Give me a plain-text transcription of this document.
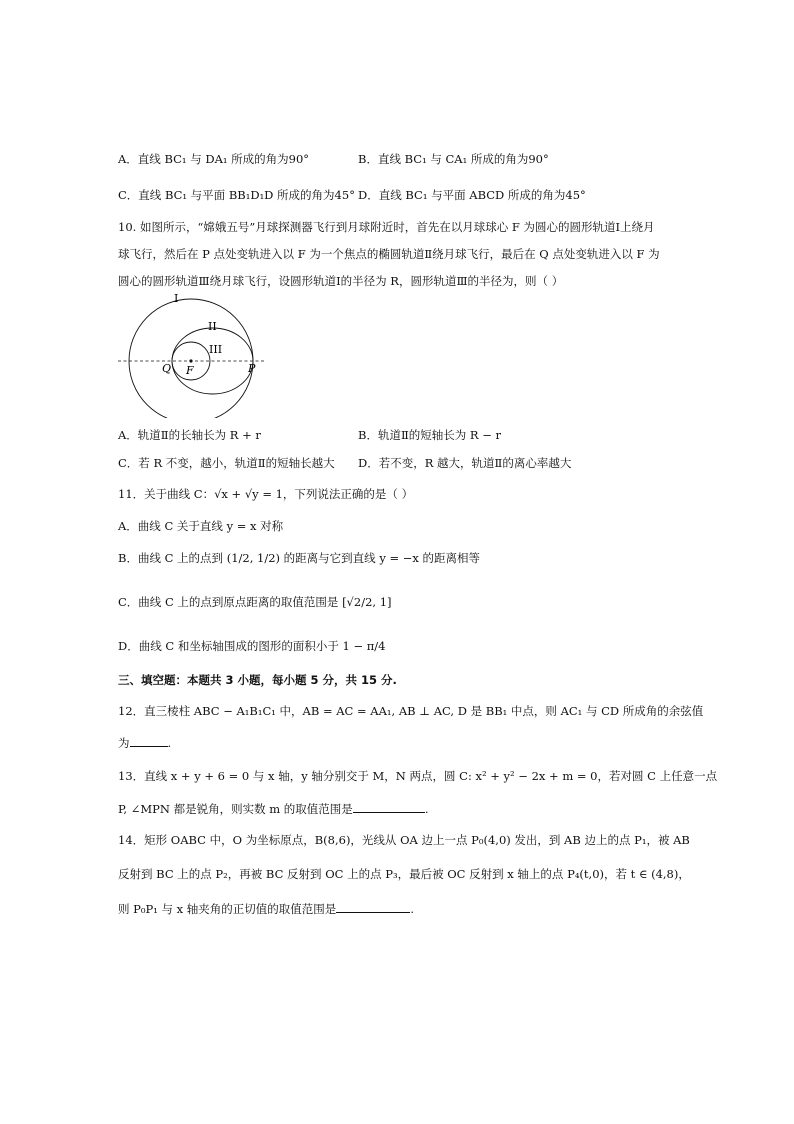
A．直线 BC₁ 与 DA₁ 所成的角为90°	B．直线 BC₁ 与 CA₁ 所成的角为90°
C．直线 BC₁ 与平面 BB₁D₁D 所成的角为45° D．直线 BC₁ 与平面 ABCD 所成的角为45°
10. 如图所示，“嫦娥五号”月球探测器飞行到月球附近时，首先在以月球球心 F 为圆心的圆形轨道Ⅰ上绕月
球飞行，然后在 P 点处变轨进入以 F 为一个焦点的椭圆轨道Ⅱ绕月球飞行，最后在 Q 点处变轨进入以 F 为
圆心的圆形轨道Ⅲ绕月球飞行，设圆形轨道Ⅰ的半径为 R，圆形轨道Ⅲ的半径为，则（ ）
I
II
III
Q F	P
A．轨道Ⅱ的长轴长为 R + r	B．轨道Ⅱ的短轴长为 R − r
C．若 R 不变，越小，轨道Ⅱ的短轴长越大 D．若不变，R 越大，轨道Ⅱ的离心率越大
11．关于曲线 C：√x + √y = 1，下列说法正确的是（ ）
A．曲线 C 关于直线 y = x 对称
B．曲线 C 上的点到 (1/2, 1/2) 的距离与它到直线 y = −x 的距离相等
C．曲线 C 上的点到原点距离的取值范围是 [√2/2, 1]
D．曲线 C 和坐标轴围成的图形的面积小于 1 − π/4
三、填空题：本题共 3 小题，每小题 5 分，共 15 分.
12．直三棱柱 ABC − A₁B₁C₁ 中，AB = AC = AA₁, AB ⊥ AC, D 是 BB₁ 中点，则 AC₁ 与 CD 所成角的余弦值
为	.
13．直线 x + y + 6 = 0 与 x 轴，y 轴分别交于 M，N 两点，圆 C: x² + y² − 2x + m = 0，若对圆 C 上任意一点
P, ∠MPN 都是锐角，则实数 m 的取值范围是	.
14．矩形 OABC 中，O 为坐标原点，B(8,6)，光线从 OA 边上一点 P₀(4,0) 发出，到 AB 边上的点 P₁，被 AB
反射到 BC 上的点 P₂，再被 BC 反射到 OC 上的点 P₃，最后被 OC 反射到 x 轴上的点 P₄(t,0)，若 t ∈ (4,8)，
则 P₀P₁ 与 x 轴夹角的正切值的取值范围是	.
